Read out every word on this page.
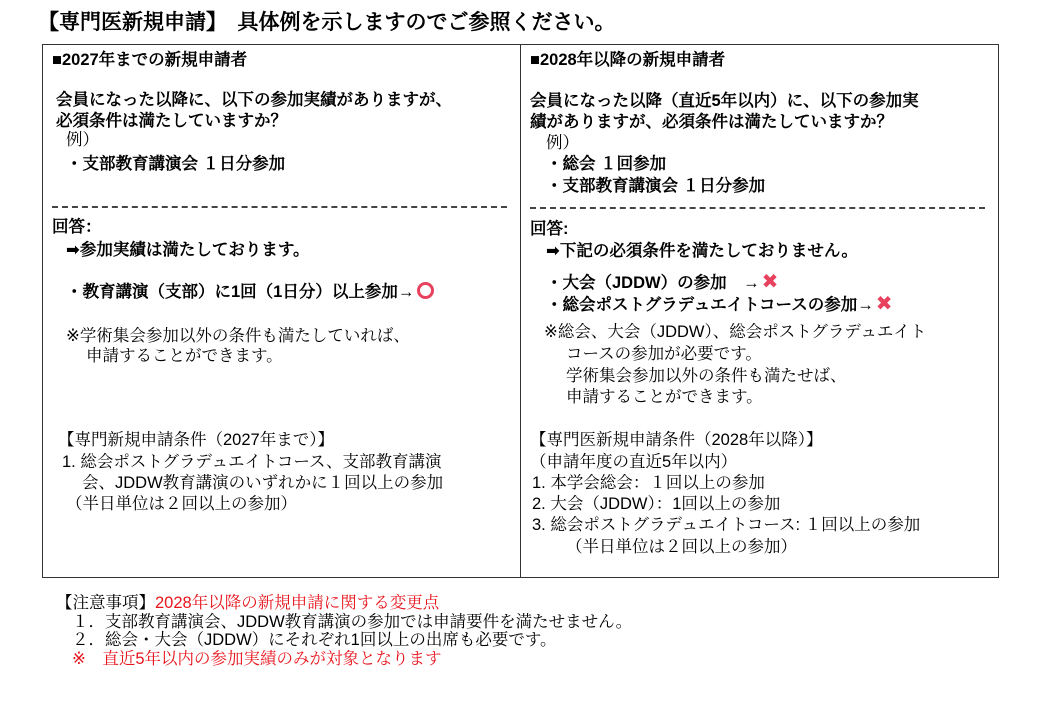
【専門医新規申請】　具体例を示しますのでご参照ください。
■2027年までの新規申請者
会員になった以降に、以下の参加実績がありますが、
必須条件は満たしていますか？
例）
・支部教育講演会 １日分参加
回答：
➡参加実績は満たしております。
・教育講演（支部）に1回（1日分）以上参加→
※学術集会参加以外の条件も満たしていれば、
申請することができます。
【専門新規申請条件（2027年まで）】
1. 総会ポストグラデュエイトコース、支部教育講演
会、JDDW教育講演のいずれかに１回以上の参加
（半日単位は２回以上の参加）
■2028年以降の新規申請者
会員になった以降（直近5年以内）に、以下の参加実
績がありますが、必須条件は満たしていますか？
例）
・総会 １回参加
・支部教育講演会 １日分参加
回答:
➡下記の必須条件を満たしておりません。
・大会（JDDW）の参加　→ ✖
・総会ポストグラデュエイトコースの参加→ ✖
※総会、大会（JDDW）、総会ポストグラデュエイト
コースの参加が必要です。
学術集会参加以外の条件も満たせば、
申請することができます。
【専門医新規申請条件（2028年以降）】
（申請年度の直近5年以内）
1. 本学会総会：１回以上の参加
2. 大会（JDDW）：1回以上の参加
3. 総会ポストグラデュエイトコース: １回以上の参加
（半日単位は２回以上の参加）
【注意事項】2028年以降の新規申請に関する変更点
１．支部教育講演会、JDDW教育講演の参加では申請要件を満たせません。
２．総会・大会（JDDW）にそれぞれ1回以上の出席も必要です。
※　直近5年以内の参加実績のみが対象となります
